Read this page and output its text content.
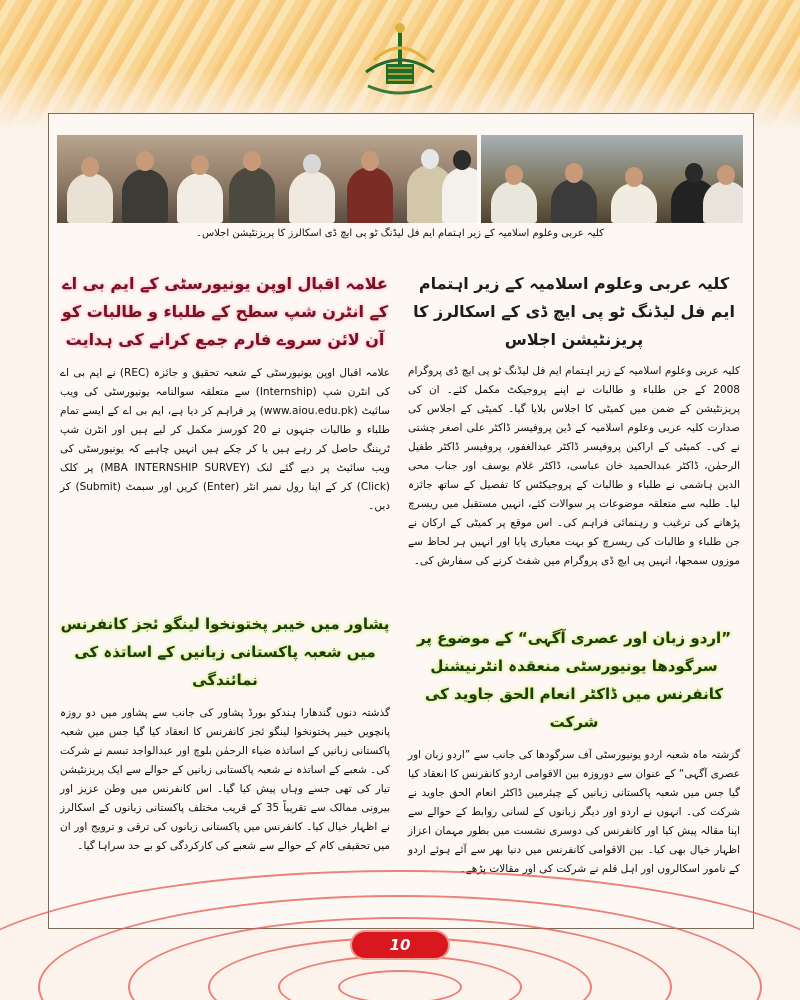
کلیہ عربی وعلوم اسلامیہ کے زیر اہتمام ایم فل لیڈنگ ٹو پی ایچ ڈی اسکالرز کا پریزنٹیشن اجلاس۔

علامہ اقبال اوپن یونیورسٹی کے ایم بی اے کے انٹرن شپ سطح کے طلباء و طالبات کو آن لائن سروے فارم جمع کرانے کی ہدایت

علامہ اقبال اوپن یونیورسٹی کے شعبہ تحقیق و جائزہ (REC) نے ایم بی اے کی انٹرن شپ (Internship) سے متعلقہ سوالنامہ یونیورسٹی کی ویب سائیٹ (www.aiou.edu.pk) پر فراہم کر دیا ہے، ایم بی اے کے ایسے تمام طلباء و طالبات جنہوں نے 20 کورسز مکمل کر لیے ہیں اور انٹرن شپ ٹریننگ حاصل کر رہے ہیں یا کر چکے ہیں انہیں چاہیے کہ یونیورسٹی کی ویب سائیٹ پر دیے گئے لنک (MBA INTERNSHIP SURVEY) پر کلک (Click) کر کے اپنا رول نمبر انٹر (Enter) کریں اور سبمٹ (Submit) کر دیں۔

پشاور میں خیبر پختونخوا لینگو ئجز کانفرنس میں شعبہ پاکستانی زبانیں کے اساتذہ کی نمائندگی

گذشتہ دنوں گندھارا ہندکو بورڈ پشاور کی جانب سے پشاور میں دو روزہ پانچویں خیبر پختونخوا لینگو ئجز کانفرنس کا انعقاد کیا گیا جس میں شعبہ پاکستانی زبانیں کے اساتذہ ضیاء الرحمٰن بلوچ اور عبدالواجد تبسم نے شرکت کی۔ شعبے کے اساتذہ نے شعبہ پاکستانی زبانیں کے حوالے سے ایک پریزنٹیشن تیار کی تھی جسے وہاں پیش کیا گیا۔ اس کانفرنس میں وطن عزیز اور بیرونی ممالک سے تقریباً 35 کے قریب مختلف پاکستانی زبانوں کے اسکالرز نے اظہار خیال کیا۔ کانفرنس میں پاکستانی زبانوں کی ترقی و ترویج اور ان میں تحقیقی کام کے حوالے سے شعبے کی کارکردگی کو بے حد سراہا گیا۔

کلیہ عربی وعلوم اسلامیہ کے زیر اہتمام ایم فل لیڈنگ ٹو پی ایچ ڈی کے اسکالرز کا پریزنٹیشن اجلاس

کلیہ عربی وعلوم اسلامیہ کے زیر اہتمام ایم فل لیڈنگ ٹو پی ایچ ڈی پروگرام 2008 کے جن طلباء و طالبات نے اپنے پروجیکٹ مکمل کئے۔ ان کی پریزنٹیشن کے ضمن میں کمیٹی کا اجلاس بلایا گیا۔ کمیٹی کے اجلاس کی صدارت کلیہ عربی وعلوم اسلامیہ کے ڈین پروفیسر ڈاکٹر علی اصغر چشتی نے کی۔ کمیٹی کے اراکین پروفیسر ڈاکٹر عبدالغفور، پروفیسر ڈاکٹر طفیل الرحمٰن، ڈاکٹر عبدالحمید خان عباسی، ڈاکٹر غلام یوسف اور جناب محی الدین ہاشمی نے طلباء و طالبات کے پروجیکٹس کا تفصیل کے ساتھ جائزہ لیا۔ طلبہ سے متعلقہ موضوعات پر سوالات کئے، انہیں مستقبل میں ریسرچ پڑھانے کی ترغیب و رہنمائی فراہم کی۔ اس موقع پر کمیٹی کے ارکان نے جن طلباء و طالبات کی ریسرچ کو بہت معیاری پایا اور انہیں ہر لحاظ سے موزوں سمجھا، انہیں پی ایچ ڈی پروگرام میں شفٹ کرنے کی سفارش کی۔

”اردو زبان اور عصری آگہی“ کے موضوع پر سرگودھا یونیورسٹی منعقدہ انٹرنیشنل کانفرنس میں ڈاکٹر انعام الحق جاوید کی شرکت

گزشتہ ماہ شعبہ اردو یونیورسٹی آف سرگودھا کی جانب سے ”اردو زبان اور عصری آگہی“ کے عنوان سے دوروزہ بین الاقوامی اردو کانفرنس کا انعقاد کیا گیا جس میں شعبہ پاکستانی زبانیں کے چیئرمین ڈاکٹر انعام الحق جاوید نے شرکت کی۔ انہوں نے اردو اور دیگر زبانوں کے لسانی روابط کے حوالے سے اپنا مقالہ پیش کیا اور کانفرنس کی دوسری نشست میں بطور مہمان اعزاز اظہار خیال بھی کیا۔ بین الاقوامی کانفرنس میں دنیا بھر سے آئے ہوئے اردو کے نامور اسکالروں اور اہل قلم نے شرکت کی اور مقالات پڑھے۔

10
